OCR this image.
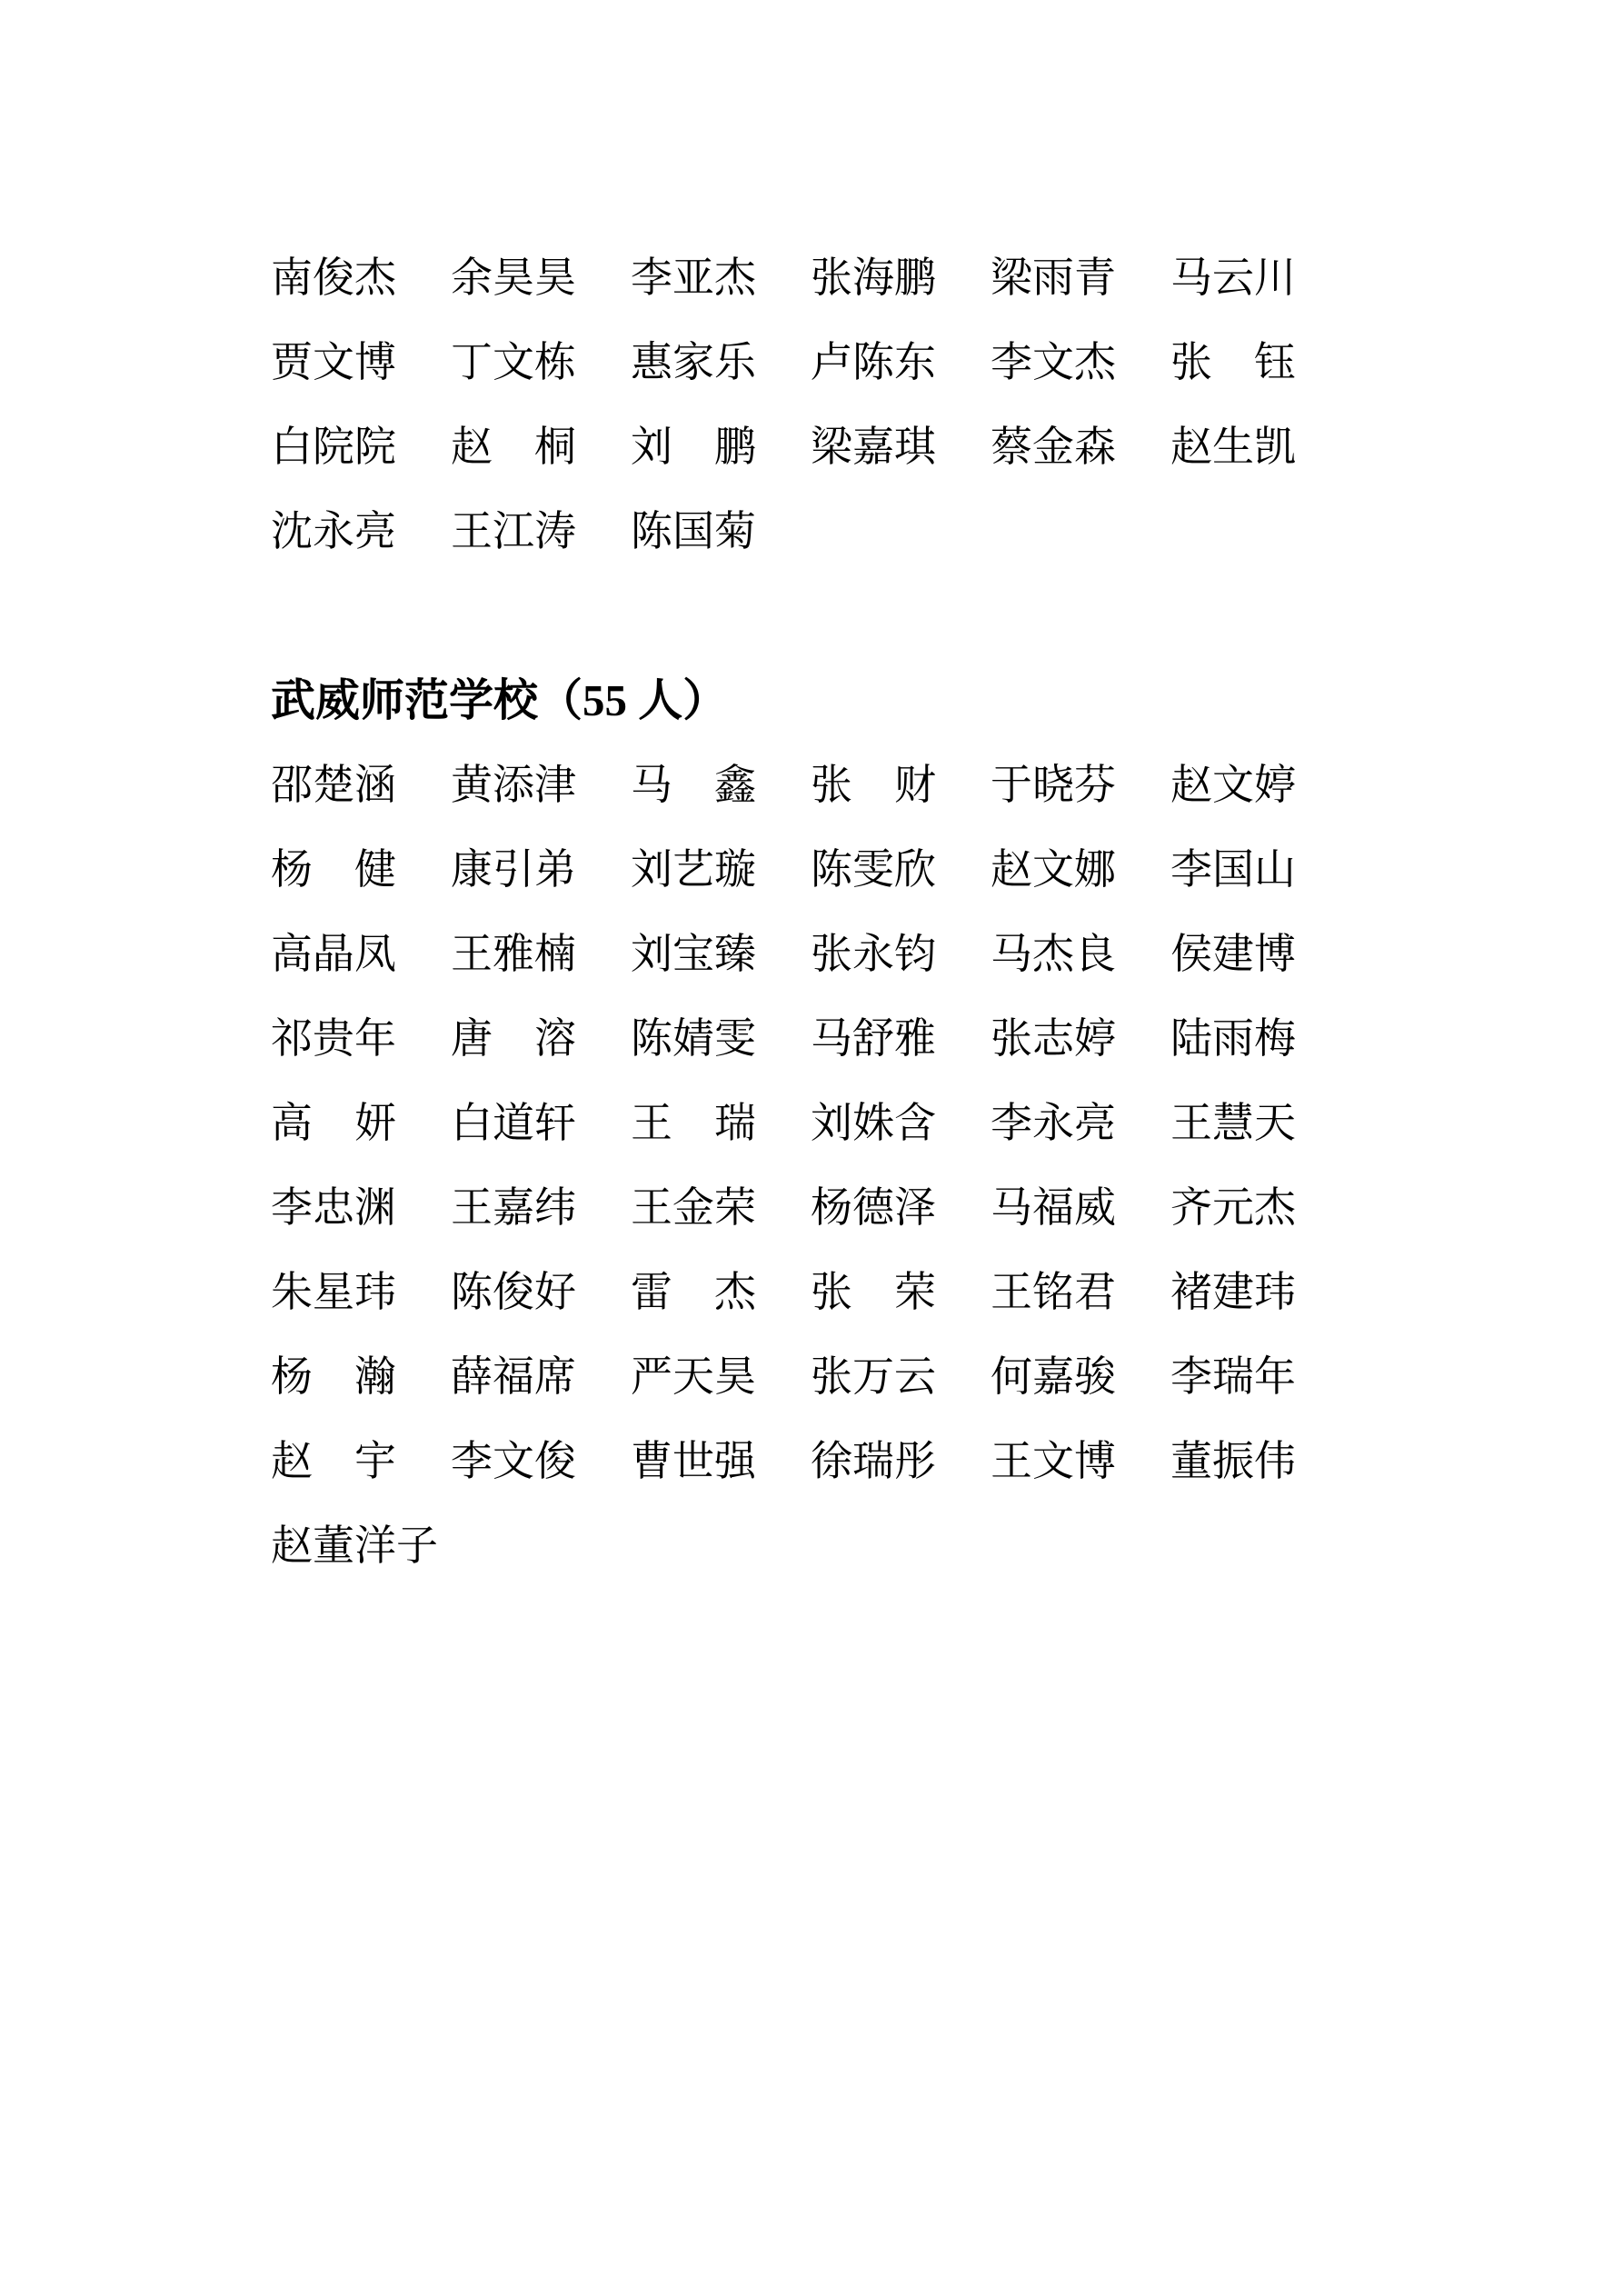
南俊杰	余昊昊	李亚杰	张海鹏	梁雨青	马云川
贾文博	丁文栋	惠家乐	卢陈东	李文杰	张　钰
白院院	赵　桐	刘　鹏	梁嘉琪	蔡金森	赵生凯
沈永亮	王江涛	陈国菊
武威师范学校（55 人）
邵楚涵	黄添津	马　鑫	张　财	于晓芬	赵文婷
杨　健	康引弟	刘艺璇	陈雯欣	赵文娜	李国山
高晶凤	王雅楠	刘宝臻	张永钧	马杰良	侯建博
祁贵年	唐　溶	陈婧雯	马舒雅	张志婷	陆雨梅
高　妍	白道轩	王　瑞	刘姝含	李永亮	王慧天
李忠渊	王嘉纬	王金荣	杨德泽	马福威	齐元杰
朱星玮	陈俊好	雷　杰	张　荣	王铭君	褚建玮
杨　瀚	薛福席	严天昊	张万云	何嘉骏	李瑞年
赵　宇	李文俊	曹世强	徐瑞彤	王文博	董振伟
赵董洋子
